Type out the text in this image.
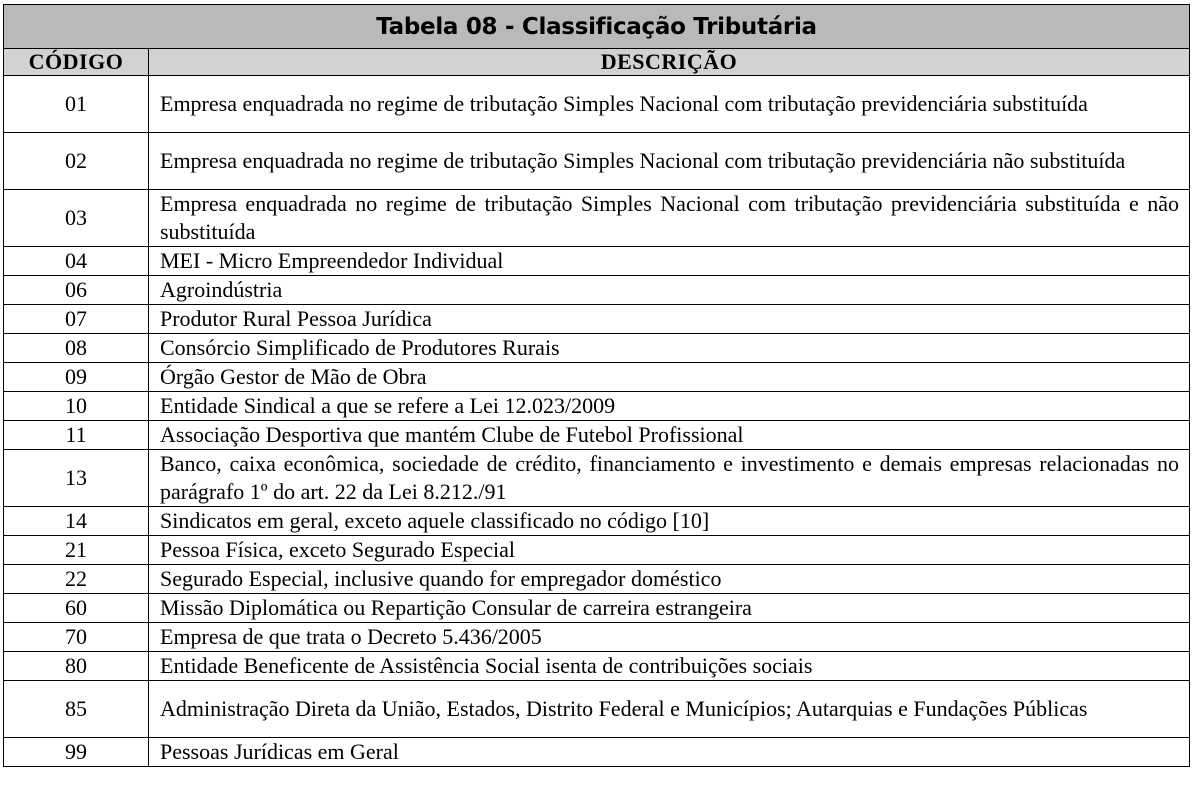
Tabela 08 - Classificação Tributária	
CÓDIGO	DESCRIÇÃO
01	Empresa enquadrada no regime de tributação Simples Nacional com tributação previdenciária substituída
02	Empresa enquadrada no regime de tributação Simples Nacional com tributação previdenciária não substituída
03	Empresa enquadrada no regime de tributação Simples Nacional com tributação previdenciária substituída e não substituída
04	MEI - Micro Empreendedor Individual
06	Agroindústria
07	Produtor Rural Pessoa Jurídica
08	Consórcio Simplificado de Produtores Rurais
09	Órgão Gestor de Mão de Obra
10	Entidade Sindical a que se refere a Lei 12.023/2009
11	Associação Desportiva que mantém Clube de Futebol Profissional
13	Banco, caixa econômica, sociedade de crédito, financiamento e investimento e demais empresas relacionadas no parágrafo 1º do art. 22 da Lei 8.212./91
14	Sindicatos em geral, exceto aquele classificado no código [10]
21	Pessoa Física, exceto Segurado Especial
22	Segurado Especial, inclusive quando for empregador doméstico
60	Missão Diplomática ou Repartição Consular de carreira estrangeira
70	Empresa de que trata o Decreto 5.436/2005
80	Entidade Beneficente de Assistência Social isenta de contribuições sociais
85	Administração Direta da União, Estados, Distrito Federal e Municípios; Autarquias e Fundações Públicas
99	Pessoas Jurídicas em Geral
